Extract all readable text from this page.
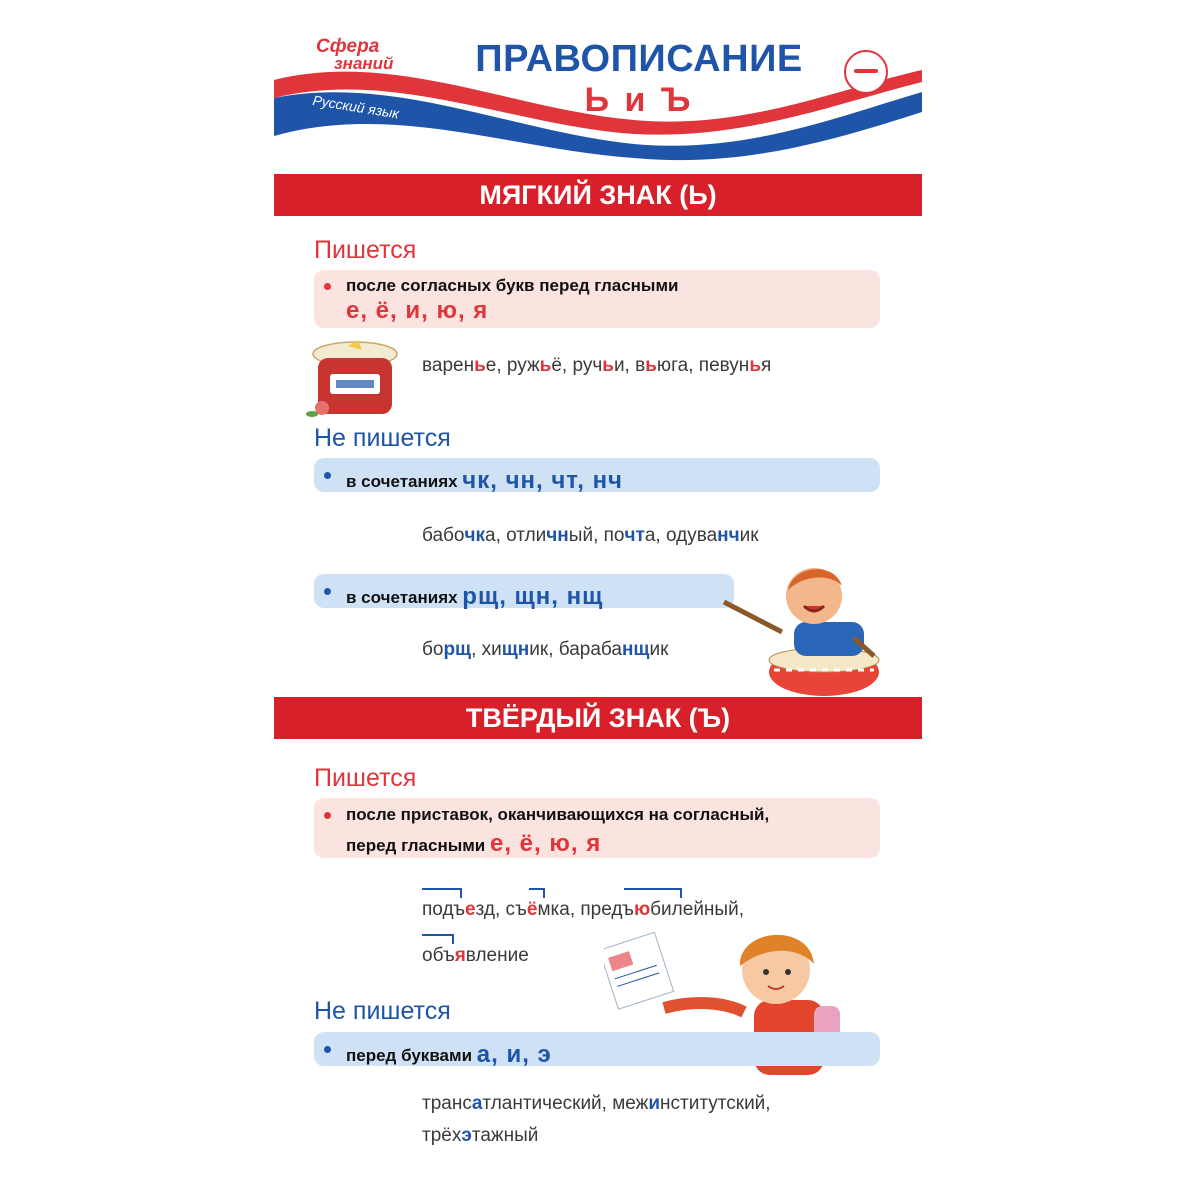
Сфера
знаний
Русский язык
ПРАВОПИСАНИЕ
Ь и Ъ
МЯГКИЙ ЗНАК (Ь)
Пишется
после согласных букв перед гласными
е, ё, и, ю, я
варенье, ружьё, ручьи, вьюга, певунья
Не пишется
в сочетаниях чк, чн, чт, нч
бабочка, отличный, почта, одуванчик
в сочетаниях рщ, щн, нщ
борщ, хищник, барабанщик
ТВЁРДЫЙ ЗНАК (Ъ)
Пишется
после приставок, оканчивающихся на согласный,
перед гласными е, ё, ю, я
подъезд, съёмка, предъюбилейный,
объявление
Не пишется
перед буквами а, и, э
трансатлантический, межинститутский,
трёхэтажный
